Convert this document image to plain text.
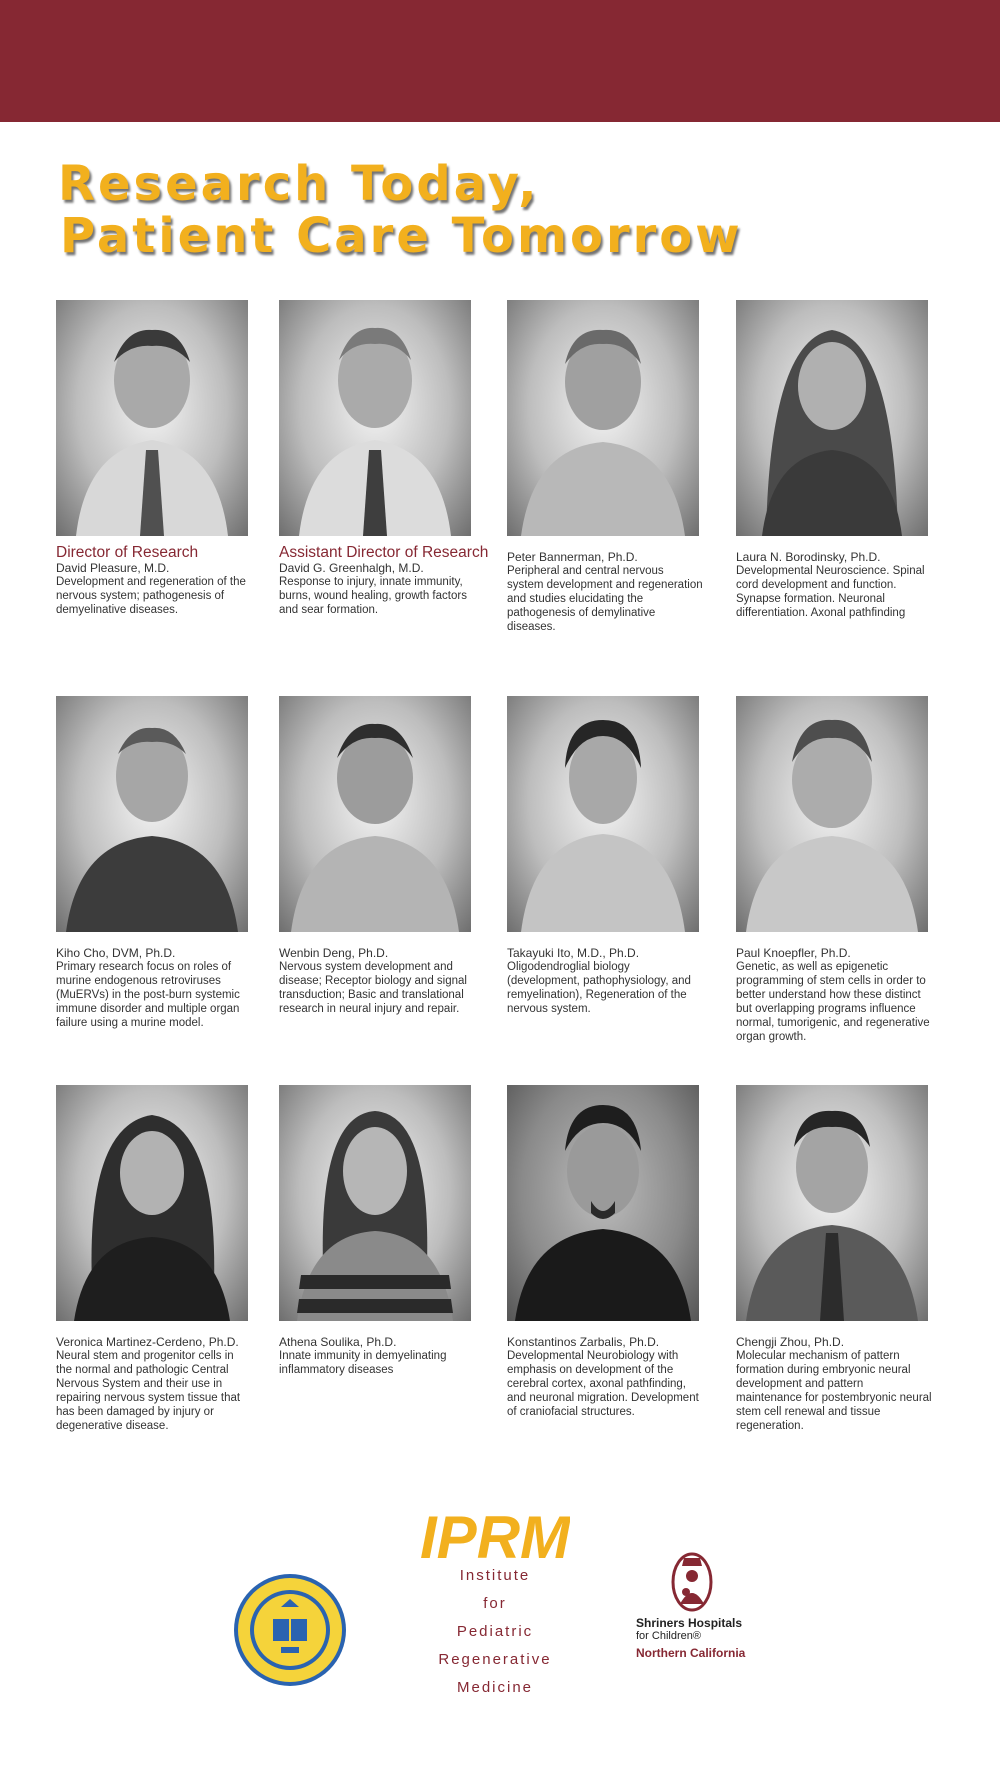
Research Today,
Patient Care Tomorrow
Director of Research
David Pleasure, M.D.
Development and regeneration of the nervous system; pathogenesis of demyelinative diseases.
Assistant Director of Research
David G. Greenhalgh, M.D.
Response to injury, innate immunity, burns, wound healing, growth factors and sear formation.
Peter Bannerman, Ph.D.
Peripheral and central nervous system development and regeneration and studies elucidating the pathogenesis of demylinative diseases.
Laura N. Borodinsky, Ph.D.
Developmental Neuroscience. Spinal cord development and function. Synapse formation. Neuronal differentiation. Axonal pathfinding
Kiho Cho, DVM, Ph.D.
Primary research focus on roles of murine endogenous retroviruses (MuERVs) in the post-burn systemic immune disorder and multiple organ failure using a murine model.
Wenbin Deng, Ph.D.
Nervous system development and disease; Receptor biology and signal transduction; Basic and translational research in neural injury and repair.
Takayuki Ito, M.D., Ph.D.
Oligodendroglial biology (development, pathophysiology, and remyelination), Regeneration of the nervous system.
Paul Knoepfler, Ph.D.
Genetic, as well as epigenetic programming of stem cells in order to better understand how these distinct but overlapping programs influence normal, tumorigenic, and regenerative organ growth.
Veronica Martinez-Cerdeno, Ph.D.
Neural stem and progenitor cells in the normal and pathologic Central Nervous System and their use in repairing nervous system tissue that has been damaged by injury or degenerative disease.
Athena Soulika, Ph.D.
Innate immunity in demyelinating inflammatory diseases
Konstantinos Zarbalis, Ph.D.
Developmental Neurobiology with emphasis on development of the cerebral cortex, axonal pathfinding, and neuronal migration. Development of craniofacial structures.
Chengji Zhou, Ph.D.
Molecular mechanism of pattern formation during embryonic neural development and pattern maintenance for postembryonic neural stem cell renewal and tissue regeneration.
IPRM
Institute
for
Pediatric
Regenerative
Medicine
Shriners Hospitals
for Children®
Northern California
